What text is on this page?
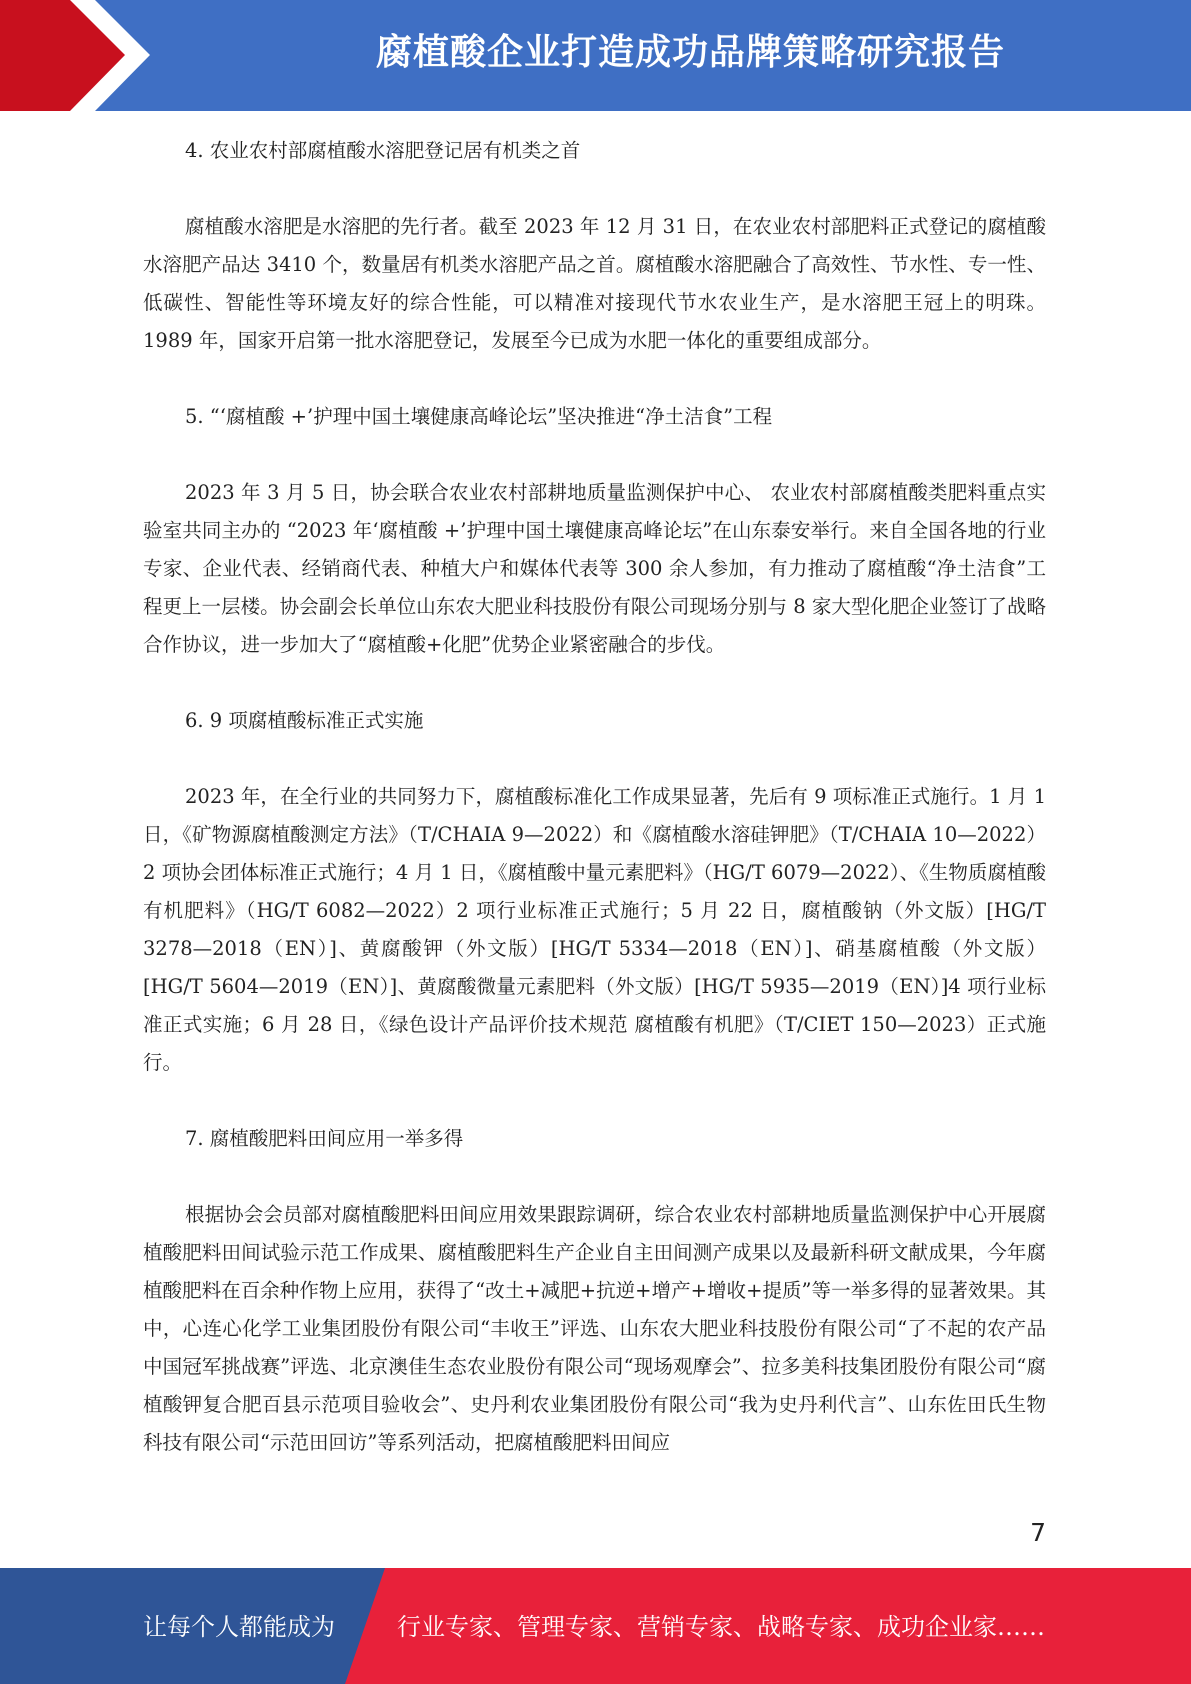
腐植酸企业打造成功品牌策略研究报告

4. 农业农村部腐植酸水溶肥登记居有机类之首

腐植酸水溶肥是水溶肥的先行者。截至 2023 年 12 月 31 日，在农业农村部肥料正式登记的腐植酸水溶肥产品达 3410 个，数量居有机类水溶肥产品之首。腐植酸水溶肥融合了高效性、节水性、专一性、低碳性、智能性等环境友好的综合性能，可以精准对接现代节水农业生产，是水溶肥王冠上的明珠。1989 年，国家开启第一批水溶肥登记，发展至今已成为水肥一体化的重要组成部分。

5. “‘腐植酸 +’护理中国土壤健康高峰论坛”坚决推进“净土洁食”工程

2023 年 3 月 5 日，协会联合农业农村部耕地质量监测保护中心、 农业农村部腐植酸类肥料重点实验室共同主办的 “2023 年‘腐植酸 +’护理中国土壤健康高峰论坛”在山东泰安举行。来自全国各地的行业专家、企业代表、经销商代表、种植大户和媒体代表等 300 余人参加，有力推动了腐植酸“净土洁食”工程更上一层楼。协会副会长单位山东农大肥业科技股份有限公司现场分别与 8 家大型化肥企业签订了战略合作协议，进一步加大了“腐植酸+化肥”优势企业紧密融合的步伐。

6. 9 项腐植酸标准正式实施

2023 年，在全行业的共同努力下，腐植酸标准化工作成果显著，先后有 9 项标准正式施行。1 月 1 日，《矿物源腐植酸测定方法》（T/CHAIA 9—2022）和《腐植酸水溶硅钾肥》（T/CHAIA 10—2022）2 项协会团体标准正式施行；4 月 1 日，《腐植酸中量元素肥料》（HG/T 6079—2022）、《生物质腐植酸有机肥料》（HG/T 6082—2022）2 项行业标准正式施行；5 月 22 日，腐植酸钠（外文版）[HG/T 3278—2018（EN）]、黄腐酸钾（外文版）[HG/T 5334—2018（EN）]、硝基腐植酸（外文版）[HG/T 5604—2019（EN）]、黄腐酸微量元素肥料（外文版）[HG/T 5935—2019（EN）]4 项行业标准正式实施；6 月 28 日，《绿色设计产品评价技术规范 腐植酸有机肥》（T/CIET 150—2023）正式施行。

7. 腐植酸肥料田间应用一举多得

根据协会会员部对腐植酸肥料田间应用效果跟踪调研，综合农业农村部耕地质量监测保护中心开展腐植酸肥料田间试验示范工作成果、腐植酸肥料生产企业自主田间测产成果以及最新科研文献成果，今年腐植酸肥料在百余种作物上应用，获得了“改土+减肥+抗逆+增产+增收+提质”等一举多得的显著效果。其中，心连心化学工业集团股份有限公司“丰收王”评选、山东农大肥业科技股份有限公司“了不起的农产品中国冠军挑战赛”评选、北京澳佳生态农业股份有限公司“现场观摩会”、拉多美科技集团股份有限公司“腐植酸钾复合肥百县示范项目验收会”、史丹利农业集团股份有限公司“我为史丹利代言”、山东佐田氏生物科技有限公司“示范田回访”等系列活动，把腐植酸肥料田间应

7
让每个人都能成为	行业专家、管理专家、营销专家、战略专家、成功企业家……
